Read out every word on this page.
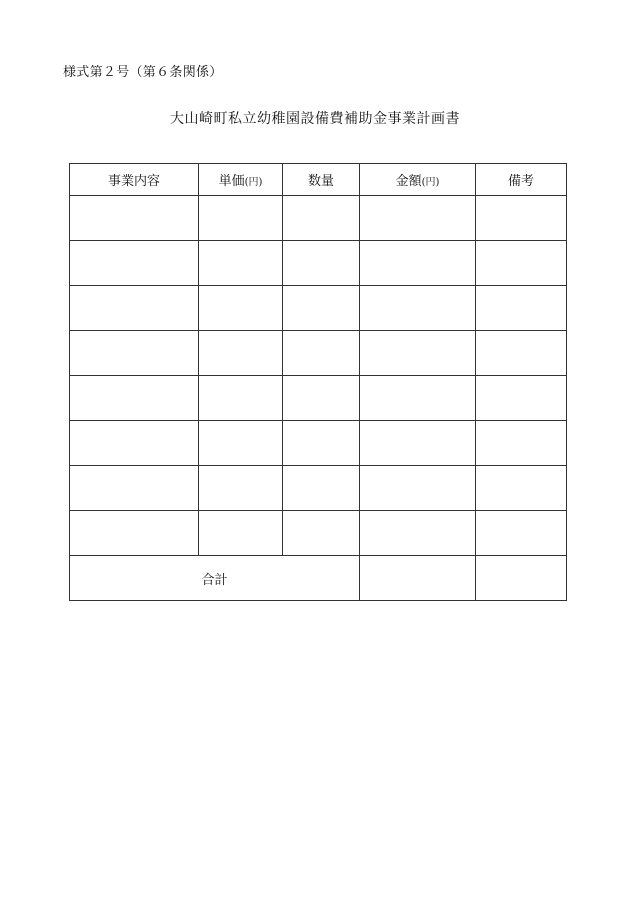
様式第２号（第６条関係）
大山崎町私立幼稚園設備費補助金事業計画書
事業内容	単価(円)	数量	金額(円)	備考

合計				
